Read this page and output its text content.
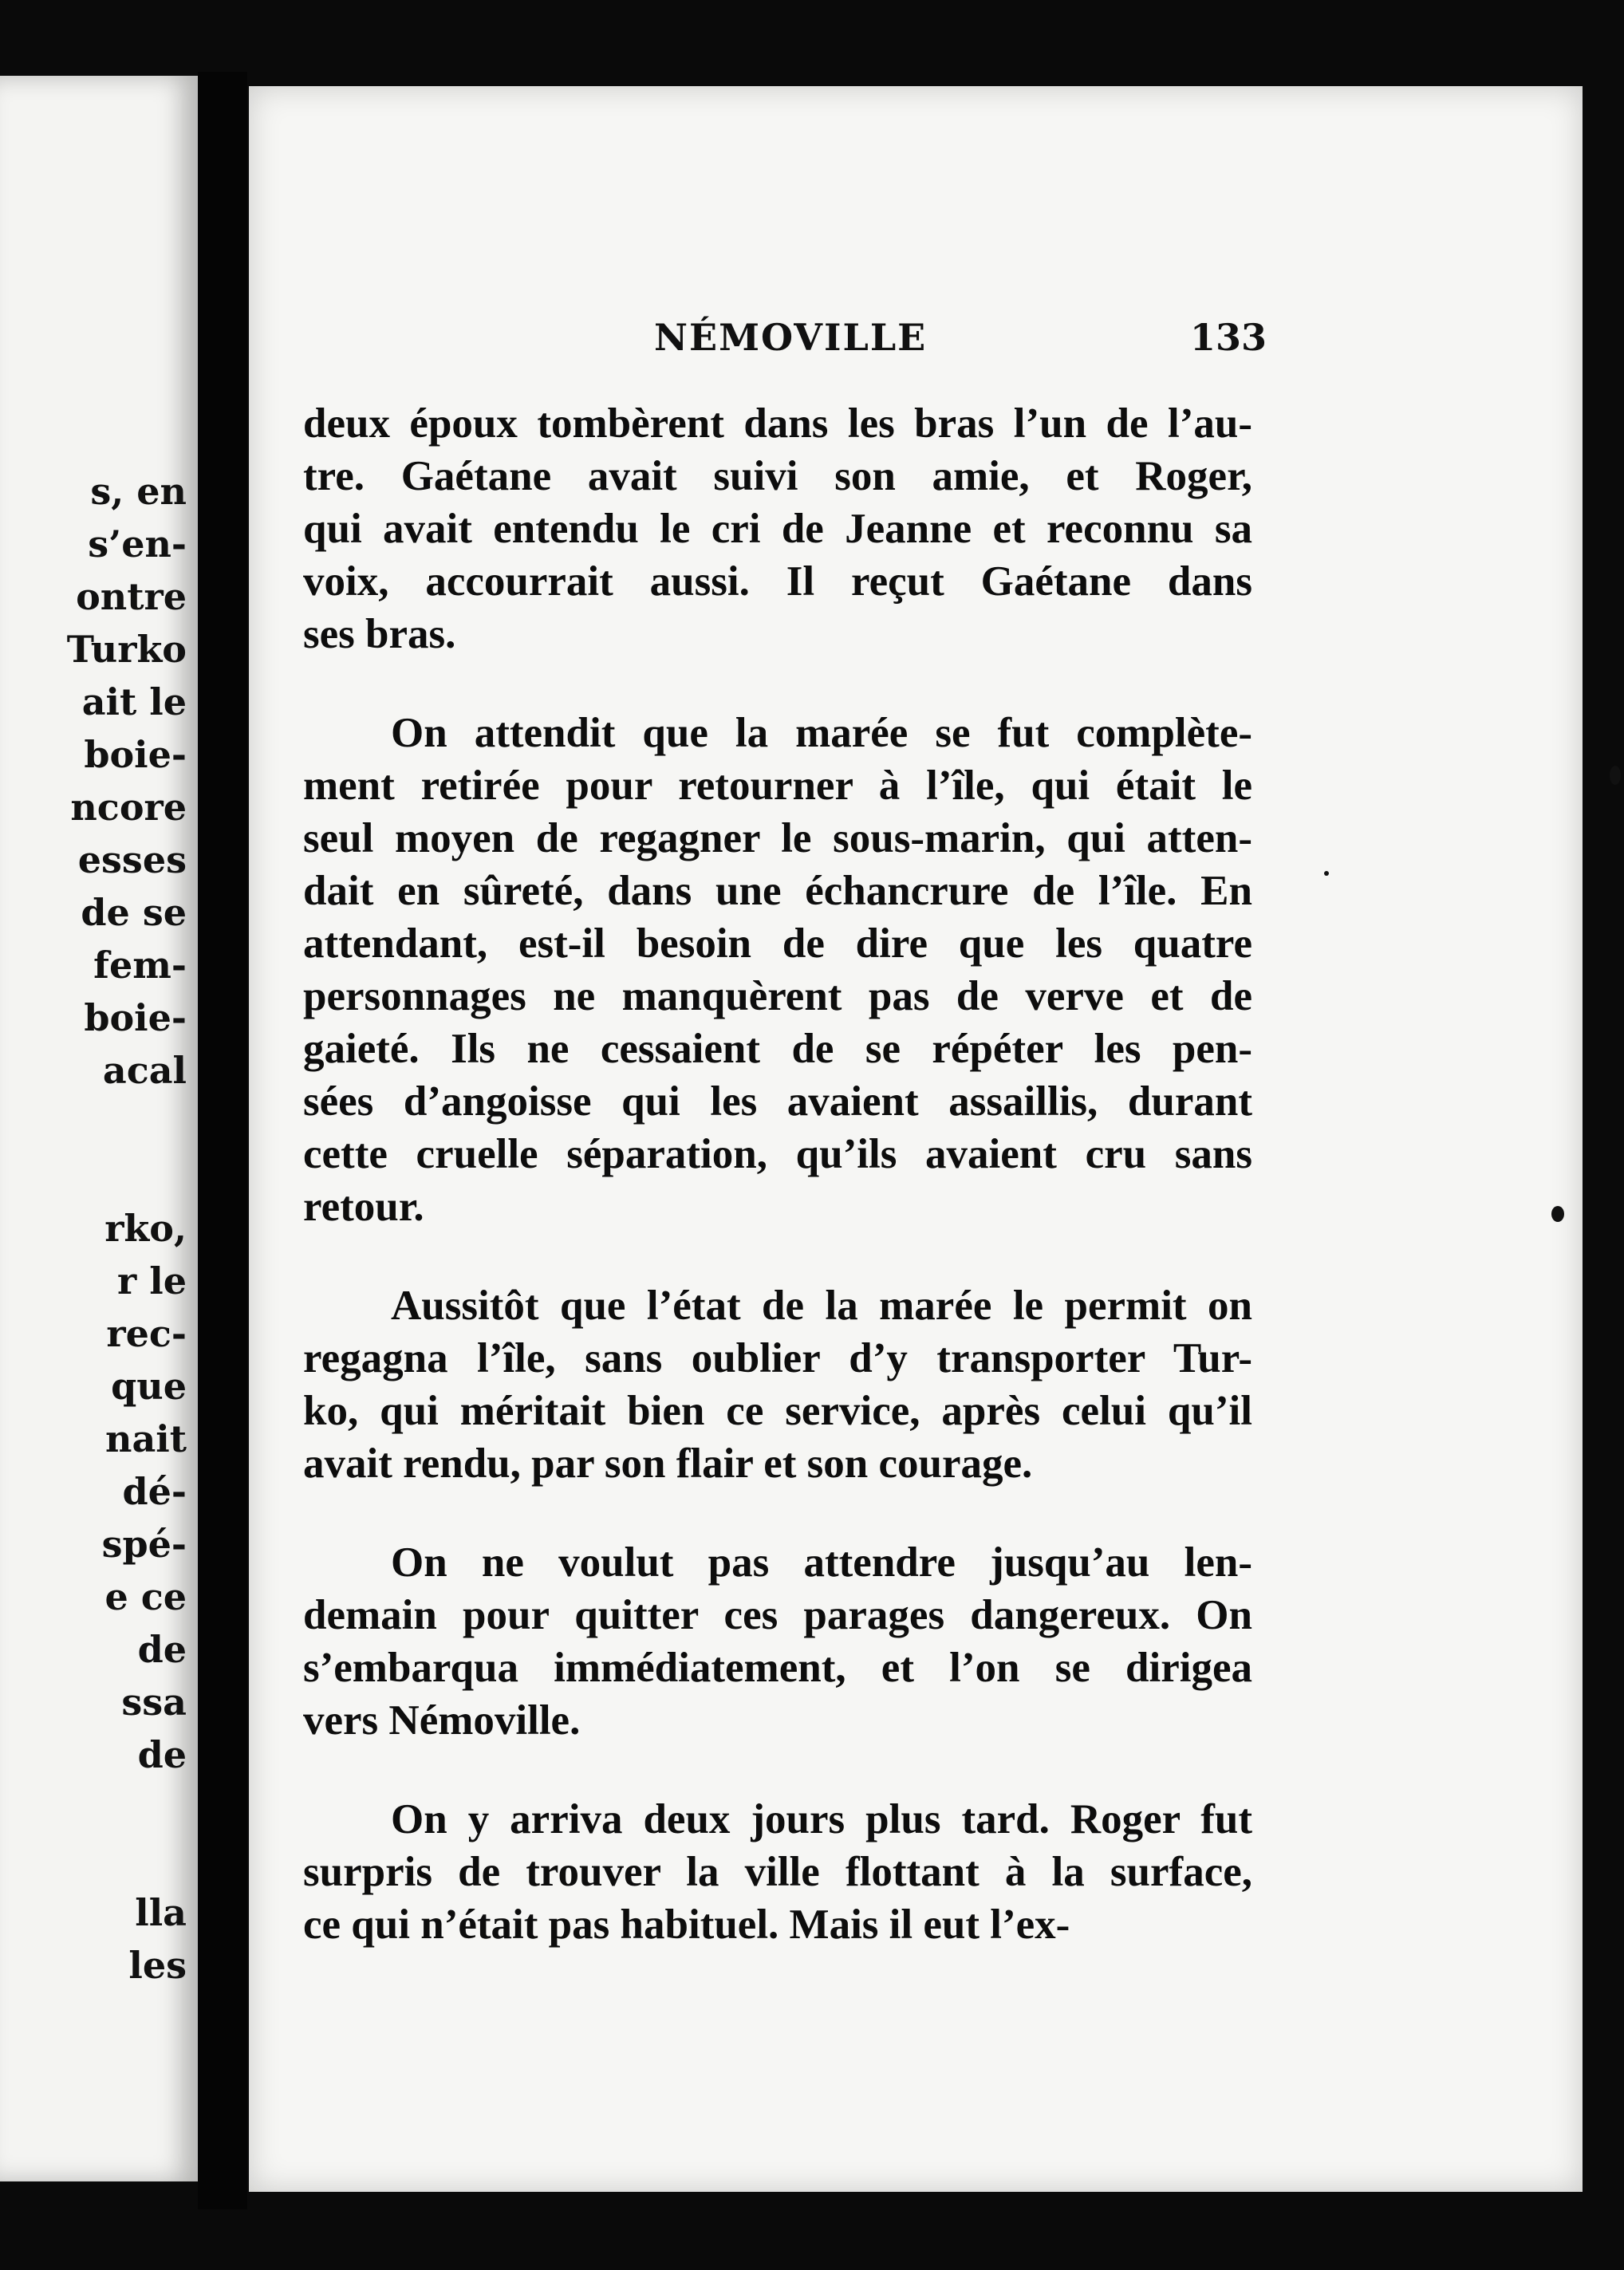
s, en
s’en-
ontre
Turko
ait le
boie-
ncore
esses
de se
fem-
boie-
acal
rko,
r le
rec-
que
nait
dé-
spé-
e ce
de
ssa
de
lla
les
NÉMOVILLE	133
deux époux tombèrent dans les bras l’un de l’au-
tre. Gaétane avait suivi son amie, et Roger,
qui avait entendu le cri de Jeanne et reconnu sa
voix, accourrait aussi. Il reçut Gaétane dans
ses bras.
On attendit que la marée se fut complète-
ment retirée pour retourner à l’île, qui était le
seul moyen de regagner le sous-marin, qui atten-
dait en sûreté, dans une échancrure de l’île. En
attendant, est-il besoin de dire que les quatre
personnages ne manquèrent pas de verve et de
gaieté. Ils ne cessaient de se répéter les pen-
sées d’angoisse qui les avaient assaillis, durant
cette cruelle séparation, qu’ils avaient cru sans
retour.
Aussitôt que l’état de la marée le permit on
regagna l’île, sans oublier d’y transporter Tur-
ko, qui méritait bien ce service, après celui qu’il
avait rendu, par son flair et son courage.
On ne voulut pas attendre jusqu’au len-
demain pour quitter ces parages dangereux. On
s’embarqua immédiatement, et l’on se dirigea
vers Némoville.
On y arriva deux jours plus tard. Roger fut
surpris de trouver la ville flottant à la surface,
ce qui n’était pas habituel. Mais il eut l’ex-
